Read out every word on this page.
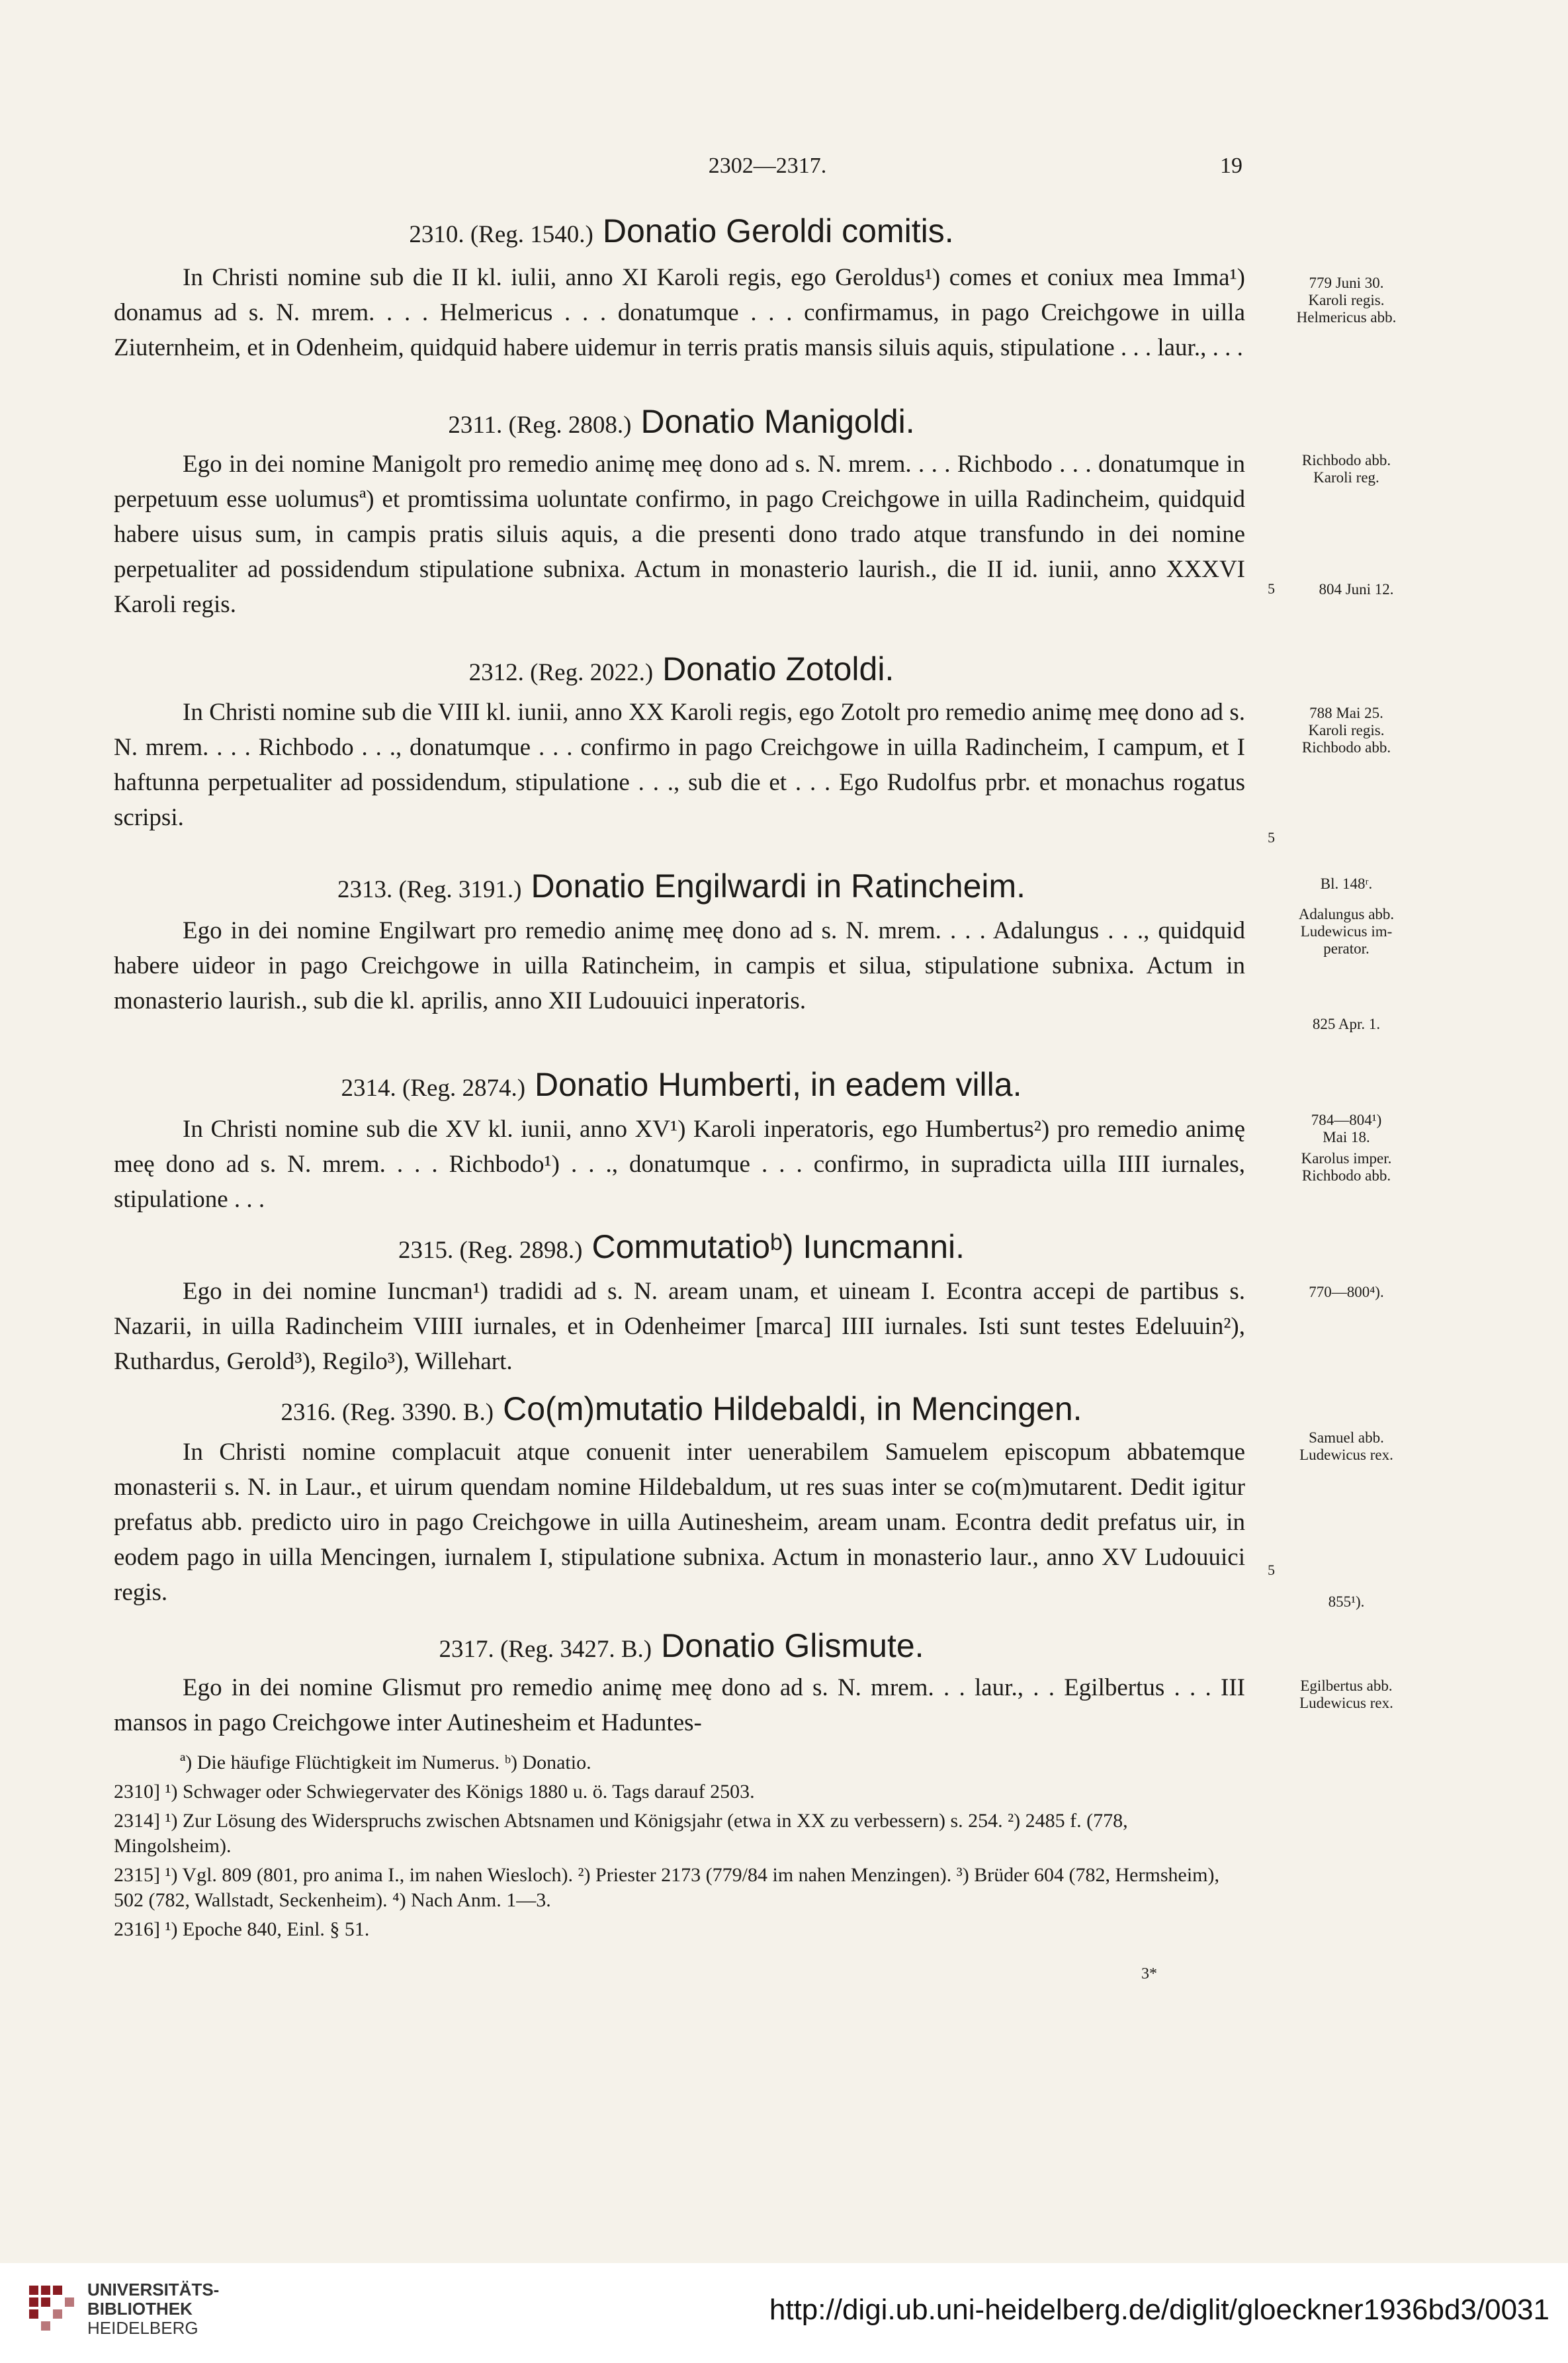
2302—2317.	19
2310. (Reg. 1540.) Donatio Geroldi comitis.

In Christi nomine sub die II kl. iulii, anno XI Karoli regis, ego Geroldus¹) comes et coniux mea Imma¹) donamus ad s. N. mrem. . . . Helmericus . . . donatumque . . . confirmamus, in pago Creichgowe in uilla Ziuternheim, et in Odenheim, quidquid habere uidemur in terris pratis mansis siluis aquis, stipulatione . . . laur., . . .

779 Juni 30.
Karoli regis.
Helmericus abb.
2311. (Reg. 2808.) Donatio Manigoldi.

Ego in dei nomine Manigolt pro remedio animę meę dono ad s. N. mrem. . . . Richbodo . . . donatumque in perpetuum esse uolumusª) et promtissima uoluntate confirmo, in pago Creichgowe in uilla Radincheim, quidquid habere uisus sum, in campis pratis siluis aquis, a die presenti dono trado atque transfundo in dei nomine perpetualiter ad possidendum stipulatione subnixa. Actum in monasterio laurish., die II id. iunii, anno XXXVI Karoli regis.

Richbodo abb.
Karoli reg.
804 Juni 12.
5
2312. (Reg. 2022.) Donatio Zotoldi.

In Christi nomine sub die VIII kl. iunii, anno XX Karoli regis, ego Zotolt pro remedio animę meę dono ad s. N. mrem. . . . Richbodo . . ., donatumque . . . confirmo in pago Creichgowe in uilla Radincheim, I campum, et I haftunna perpetualiter ad possidendum, stipulatione . . ., sub die et . . . Ego Rudolfus prbr. et monachus rogatus scripsi.

788 Mai 25.
Karoli regis.
Richbodo abb.
5
2313. (Reg. 3191.) Donatio Engilwardi in Ratincheim.

Ego in dei nomine Engilwart pro remedio animę meę dono ad s. N. mrem. . . . Adalungus . . ., quidquid habere uideor in pago Creichgowe in uilla Ratincheim, in campis et silua, stipulatione subnixa. Actum in monasterio laurish., sub die kl. aprilis, anno XII Ludouuici inperatoris.

Bl. 148ʳ.
Adalungus abb.
Ludewicus im-
perator.
825 Apr. 1.
2314. (Reg. 2874.) Donatio Humberti, in eadem villa.

In Christi nomine sub die XV kl. iunii, anno XV¹) Karoli inperatoris, ego Humbertus²) pro remedio animę meę dono ad s. N. mrem. . . . Richbodo¹) . . ., donatumque . . . confirmo, in supradicta uilla IIII iurnales, stipulatione . . .

784—804¹)
Mai 18.
Karolus imper.
Richbodo abb.
2315. (Reg. 2898.) Commutatioᵇ) Iuncmanni.

Ego in dei nomine Iuncman¹) tradidi ad s. N. aream unam, et uineam I. Econtra accepi de partibus s. Nazarii, in uilla Radincheim VIIII iurnales, et in Odenheimer [marca] IIII iurnales. Isti sunt testes Edeluuin²), Ruthardus, Gerold³), Regilo³), Willehart.

770—800⁴).
2316. (Reg. 3390. B.) Co(m)mutatio Hildebaldi, in Mencingen.

In Christi nomine complacuit atque conuenit inter uenerabilem Samuelem episcopum abbatemque monasterii s. N. in Laur., et uirum quendam nomine Hildebaldum, ut res suas inter se co(m)mutarent. Dedit igitur prefatus abb. predicto uiro in pago Creichgowe in uilla Autinesheim, aream unam. Econtra dedit prefatus uir, in eodem pago in uilla Mencingen, iurnalem I, stipulatione subnixa. Actum in monasterio laur., anno XV Ludouuici regis.

Samuel abb.
Ludewicus rex.
855¹).
5
2317. (Reg. 3427. B.) Donatio Glismute.

Ego in dei nomine Glismut pro remedio animę meę dono ad s. N. mrem. . . laur., . . Egilbertus . . . III mansos in pago Creichgowe inter Autinesheim et Haduntes-

Egilbertus abb.
Ludewicus rex.
ª) Die häufige Flüchtigkeit im Numerus. ᵇ) Donatio.
2310] ¹) Schwager oder Schwiegervater des Königs 1880 u. ö. Tags darauf 2503.
2314] ¹) Zur Lösung des Widerspruchs zwischen Abtsnamen und Königsjahr (etwa in XX zu verbessern) s. 254. ²) 2485 f. (778, Mingolsheim).
2315] ¹) Vgl. 809 (801, pro anima I., im nahen Wiesloch). ²) Priester 2173 (779/84 im nahen Menzingen). ³) Brüder 604 (782, Hermsheim), 502 (782, Wallstadt, Seckenheim). ⁴) Nach Anm. 1—3.
2316] ¹) Epoche 840, Einl. § 51.
3*
UNIVERSITÄTS-
BIBLIOTHEK
HEIDELBERG
http://digi.ub.uni-heidelberg.de/diglit/gloeckner1936bd3/0031
